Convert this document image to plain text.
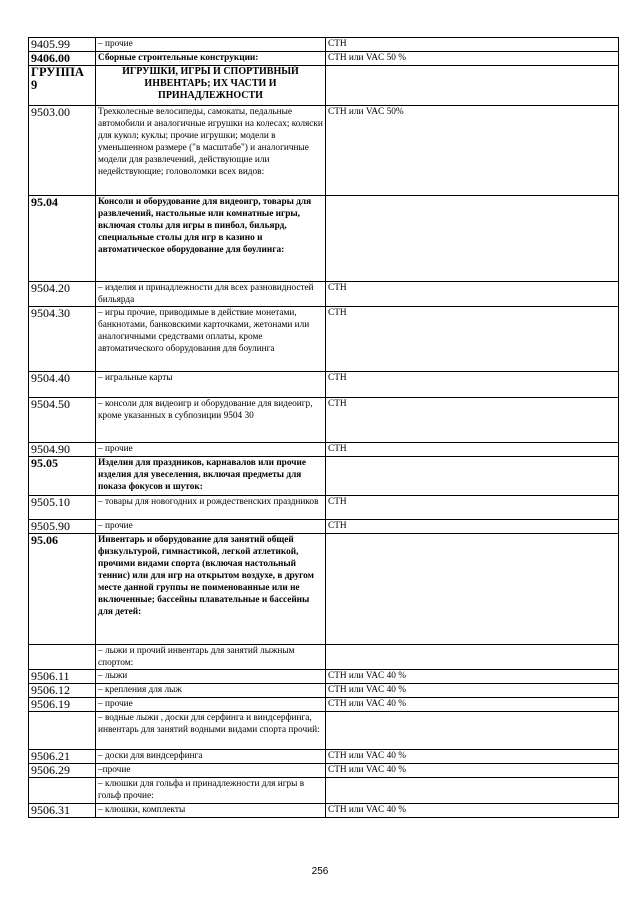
9405.99	– прочие	СТН
9406.00	Сборные строительные конструкции:	СТН или VAC 50 %
ГРУППА 9	ИГРУШКИ, ИГРЫ И СПОРТИВНЫЙ ИНВЕНТАРЬ; ИХ ЧАСТИ И ПРИНАДЛЕЖНОСТИ	
9503.00	Трехколесные велосипеды, самокаты, педальные автомобили и аналогичные игрушки на колесах; коляски для кукол; куклы; прочие игрушки; модели в уменьшенном размере ("в масштабе") и аналогичные модели для развлечений, действующие или недействующие; головоломки всех видов:	СТН или VAC 50%
95.04	Консоли и оборудование для видеоигр, товары для развлечений, настольные или комнатные игры, включая столы для игры в пинбол, бильярд, специальные столы для игр в казино и автоматическое оборудование для боулинга:	
9504.20	– изделия и принадлежности для всех разновидностей бильярда	СТН
9504.30	– игры прочие, приводимые в действие монетами, банкнотами, банковскими карточками, жетонами или аналогичными средствами оплаты, кроме автоматического оборудования для боулинга	СТН
9504.40	– игральные карты	СТН
9504.50	– консоли для видеоигр и оборудование для видеоигр, кроме указанных в субпозиции 9504 30	СТН
9504.90	– прочие	СТН
95.05	Изделия для праздников, карнавалов или прочие изделия для увеселения, включая предметы для показа фокусов и шуток:	
9505.10	– товары для новогодних и рождественских праздников	СТН
9505.90	– прочие	СТН
95.06	Инвентарь и оборудование для занятий общей физкультурой, гимнастикой, легкой атлетикой, прочими видами спорта (включая настольный теннис) или для игр на открытом воздухе, в другом месте данной группы не поименованные или не включенные; бассейны плавательные и бассейны для детей:	
	– лыжи и прочий инвентарь для занятий лыжным спортом:	
9506.11	– лыжи	СТН или VAC 40 %
9506.12	– крепления для лыж	СТН или VAC 40 %
9506.19	– прочие	СТН или VAC 40 %
	– водные лыжи , доски для серфинга и виндсерфинга, инвентарь для занятий водными видами спорта прочий:	
9506.21	– доски для виндсерфинга	СТН или VAC 40 %
9506.29	–прочие	СТН или VAC 40 %
	– клюшки для гольфа и принадлежности для игры в гольф прочие:	
9506.31	– клюшки, комплекты	СТН или VAC 40 %
256
